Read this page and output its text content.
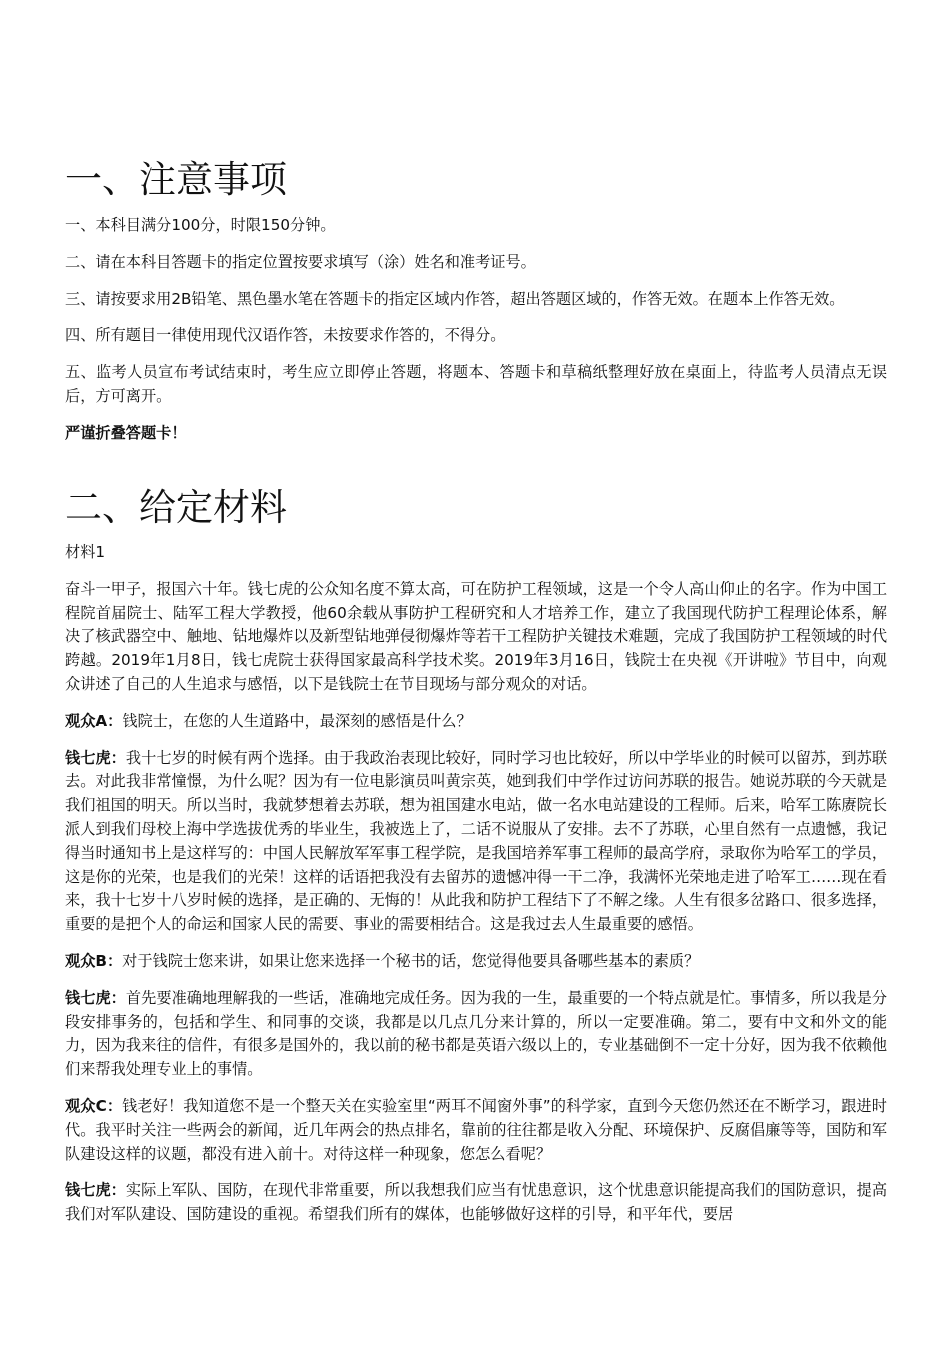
一、注意事项

一、本科目满分100分，时限150分钟。

二、请在本科目答题卡的指定位置按要求填写（涂）姓名和准考证号。

三、请按要求用2B铅笔、黑色墨水笔在答题卡的指定区域内作答，超出答题区域的，作答无效。在题本上作答无效。

四、所有题目一律使用现代汉语作答，未按要求作答的，不得分。

五、监考人员宣布考试结束时，考生应立即停止答题，将题本、答题卡和草稿纸整理好放在桌面上，待监考人员清点无误后，方可离开。

严谨折叠答题卡！

二、给定材料

材料1

奋斗一甲子，报国六十年。钱七虎的公众知名度不算太高，可在防护工程领域，这是一个令人高山仰止的名字。作为中国工程院首届院士、陆军工程大学教授，他60余载从事防护工程研究和人才培养工作，建立了我国现代防护工程理论体系，解决了核武器空中、触地、钻地爆炸以及新型钻地弹侵彻爆炸等若干工程防护关键技术难题，完成了我国防护工程领域的时代跨越。2019年1月8日，钱七虎院士获得国家最高科学技术奖。2019年3月16日，钱院士在央视《开讲啦》节目中，向观众讲述了自己的人生追求与感悟，以下是钱院士在节目现场与部分观众的对话。

观众A：钱院士，在您的人生道路中，最深刻的感悟是什么？

钱七虎：我十七岁的时候有两个选择。由于我政治表现比较好，同时学习也比较好，所以中学毕业的时候可以留苏，到苏联去。对此我非常憧憬，为什么呢？因为有一位电影演员叫黄宗英，她到我们中学作过访问苏联的报告。她说苏联的今天就是我们祖国的明天。所以当时，我就梦想着去苏联，想为祖国建水电站，做一名水电站建设的工程师。后来，哈军工陈赓院长派人到我们母校上海中学选拔优秀的毕业生，我被选上了，二话不说服从了安排。去不了苏联，心里自然有一点遗憾，我记得当时通知书上是这样写的：中国人民解放军军事工程学院，是我国培养军事工程师的最高学府，录取你为哈军工的学员，这是你的光荣，也是我们的光荣！这样的话语把我没有去留苏的遗憾冲得一干二净，我满怀光荣地走进了哈军工……现在看来，我十七岁十八岁时候的选择，是正确的、无悔的！从此我和防护工程结下了不解之缘。人生有很多岔路口、很多选择，重要的是把个人的命运和国家人民的需要、事业的需要相结合。这是我过去人生最重要的感悟。

观众B：对于钱院士您来讲，如果让您来选择一个秘书的话，您觉得他要具备哪些基本的素质？

钱七虎：首先要准确地理解我的一些话，准确地完成任务。因为我的一生，最重要的一个特点就是忙。事情多，所以我是分段安排事务的，包括和学生、和同事的交谈，我都是以几点几分来计算的，所以一定要准确。第二，要有中文和外文的能力，因为我来往的信件，有很多是国外的，我以前的秘书都是英语六级以上的，专业基础倒不一定十分好，因为我不依赖他们来帮我处理专业上的事情。

观众C：钱老好！我知道您不是一个整天关在实验室里“两耳不闻窗外事”的科学家，直到今天您仍然还在不断学习，跟进时代。我平时关注一些两会的新闻，近几年两会的热点排名，靠前的往往都是收入分配、环境保护、反腐倡廉等等，国防和军队建设这样的议题，都没有进入前十。对待这样一种现象，您怎么看呢？

钱七虎：实际上军队、国防，在现代非常重要，所以我想我们应当有忧患意识，这个忧患意识能提高我们的国防意识，提高我们对军队建设、国防建设的重视。希望我们所有的媒体，也能够做好这样的引导，和平年代，要居
